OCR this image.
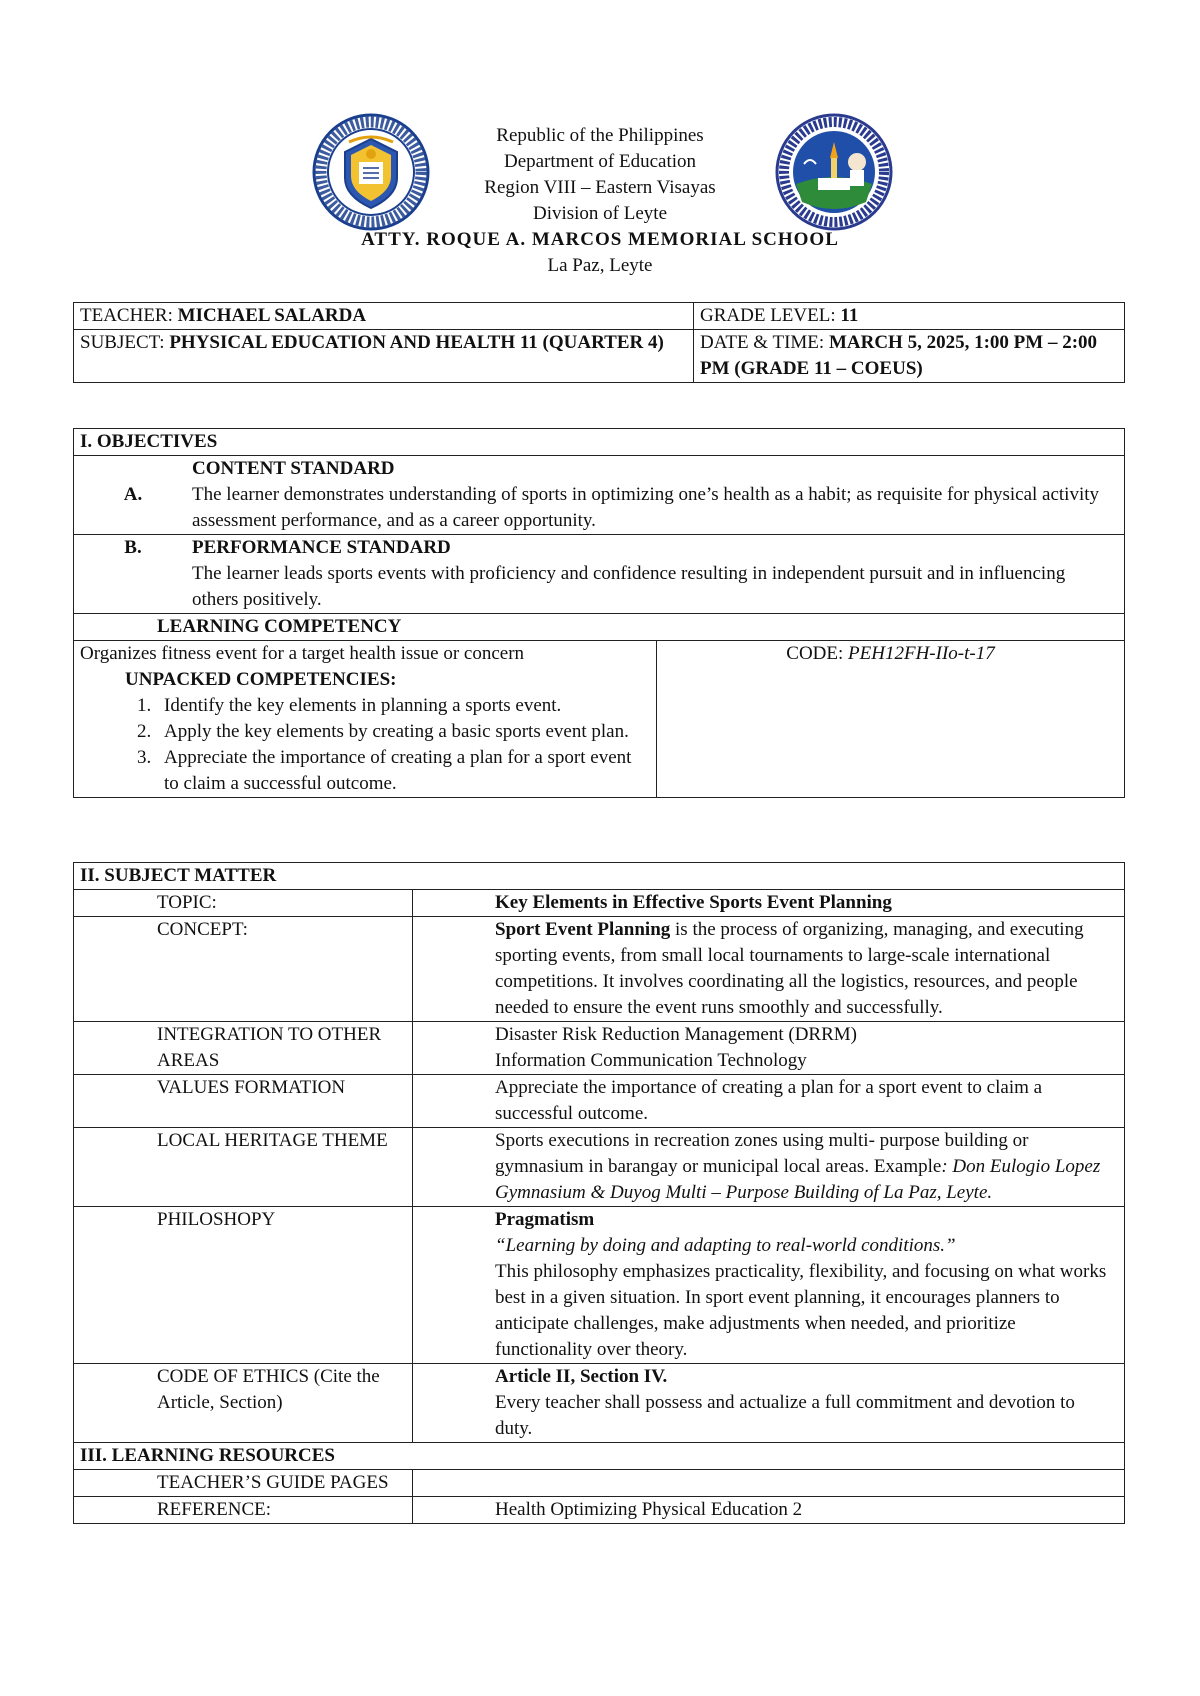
Republic of the Philippines
Department of Education
Region VIII – Eastern Visayas
Division of Leyte
ATTY. ROQUE A. MARCOS MEMORIAL SCHOOL
La Paz, Leyte
TEACHER: MICHAEL SALARDA	GRADE LEVEL: 11
SUBJECT: PHYSICAL EDUCATION AND HEALTH 11 (QUARTER 4)	DATE & TIME: MARCH 5, 2025, 1:00 PM – 2:00 PM (GRADE 11 – COEUS)
I. OBJECTIVES

A.
CONTENT STANDARD
The learner demonstrates understanding of sports in optimizing one’s health as a habit; as requisite for physical activity assessment performance, and as a career opportunity.

B.	PERFORMANCE STANDARD
The learner leads sports events with proficiency and confidence resulting in independent pursuit and in influencing others positively.

LEARNING COMPETENCY

Organizes fitness event for a target health issue or concern
UNPACKED COMPETENCIES:
1. Identify the key elements in planning a sports event.
2. Apply the key elements by creating a basic sports event plan.
3. Appreciate the importance of creating a plan for a sport event to claim a successful outcome.
	CODE: PEH12FH-IIo-t-17
II. SUBJECT MATTER	
TOPIC:	Key Elements in Effective Sports Event Planning
CONCEPT:	Sport Event Planning is the process of organizing, managing, and executing sporting events, from small local tournaments to large-scale international competitions. It involves coordinating all the logistics, resources, and people needed to ensure the event runs smoothly and successfully.
INTEGRATION TO OTHER AREAS	Disaster Risk Reduction Management (DRRM)
Information Communication Technology

VALUES FORMATION	Appreciate the importance of creating a plan for a sport event to claim a successful outcome.
LOCAL HERITAGE THEME	Sports executions in recreation zones using multi- purpose building or gymnasium in barangay or municipal local areas. Example: Don Eulogio Lopez Gymnasium & Duyog Multi – Purpose Building of La Paz, Leyte.
PHILOSHOPY	Pragmatism
“Learning by doing and adapting to real-world conditions.”
This philosophy emphasizes practicality, flexibility, and focusing on what works best in a given situation. In sport event planning, it encourages planners to anticipate challenges, make adjustments when needed, and prioritize functionality over theory.

CODE OF ETHICS (Cite the Article, Section)	Article II, Section IV.
Every teacher shall possess and actualize a full commitment and devotion to duty.

III. LEARNING RESOURCES	
TEACHER’S GUIDE PAGES	
REFERENCE:	Health Optimizing Physical Education 2
